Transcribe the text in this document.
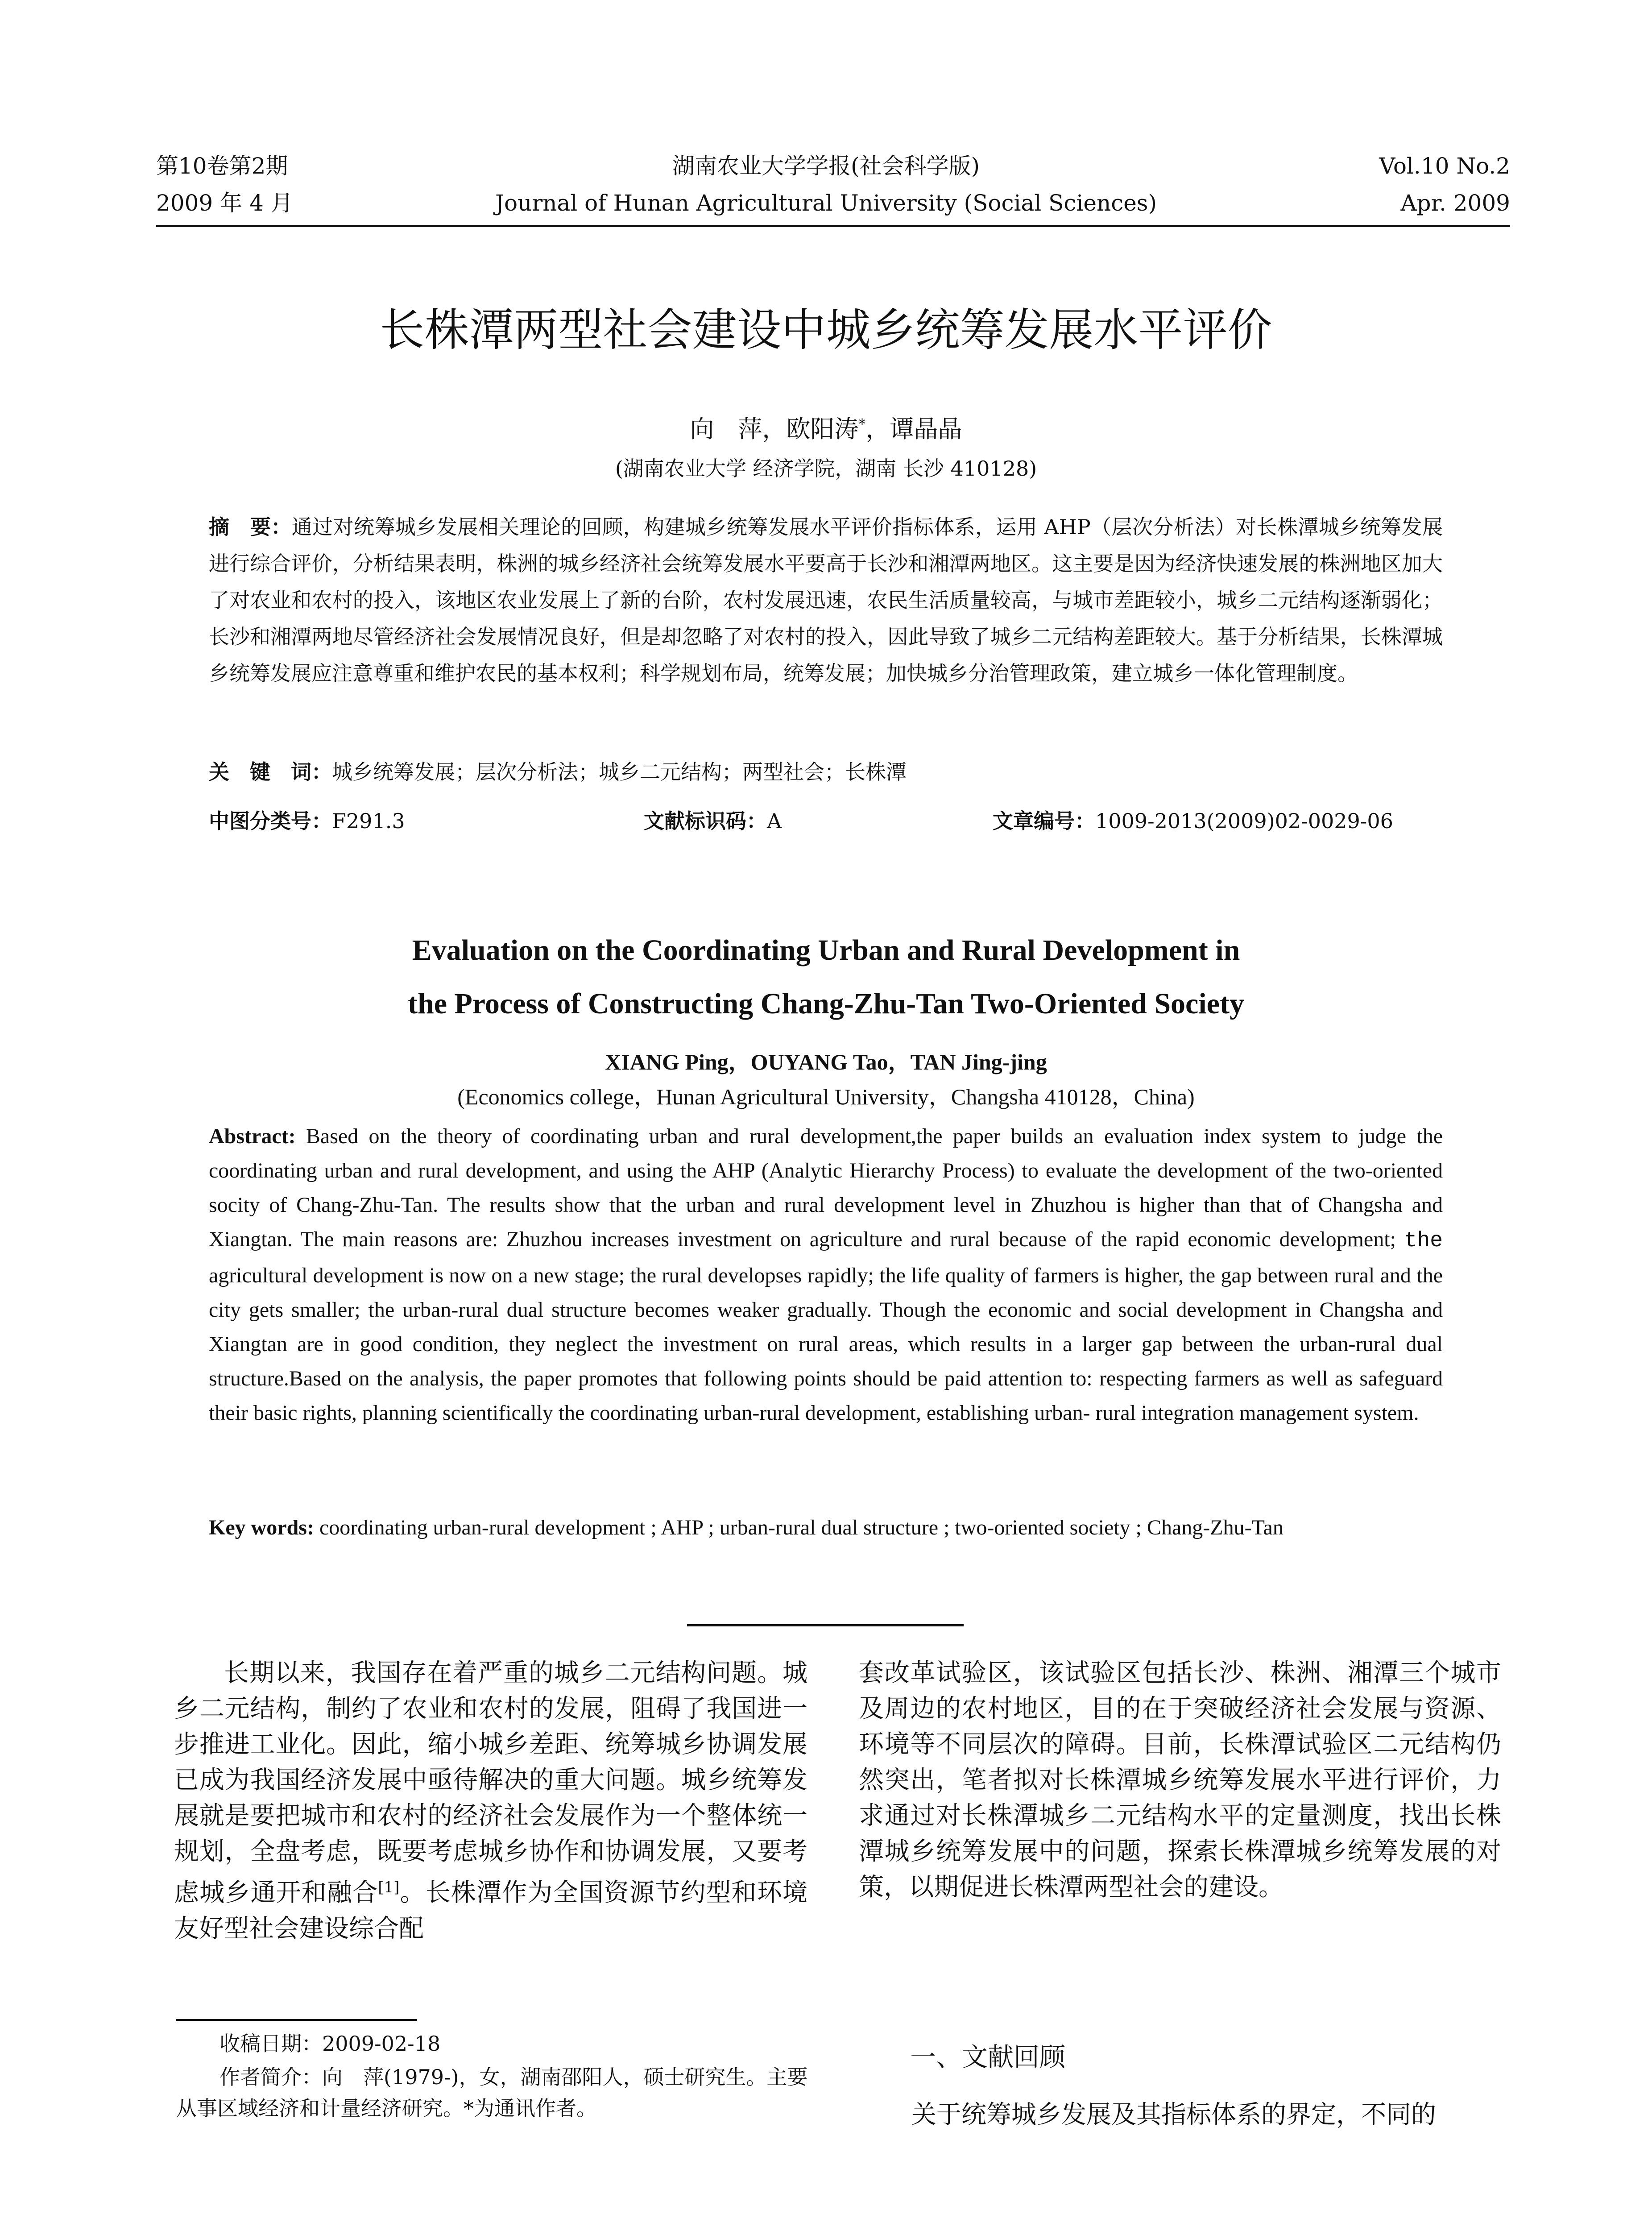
第10卷第2期
2009 年 4 月
湖南农业大学学报(社会科学版)
Journal of Hunan Agricultural University (Social Sciences)
Vol.10 No.2
Apr. 2009
长株潭两型社会建设中城乡统筹发展水平评价
向　萍，欧阳涛*，谭晶晶
(湖南农业大学 经济学院，湖南 长沙 410128)
摘　要：通过对统筹城乡发展相关理论的回顾，构建城乡统筹发展水平评价指标体系，运用 AHP（层次分析法）对长株潭城乡统筹发展进行综合评价，分析结果表明，株洲的城乡经济社会统筹发展水平要高于长沙和湘潭两地区。这主要是因为经济快速发展的株洲地区加大了对农业和农村的投入，该地区农业发展上了新的台阶，农村发展迅速，农民生活质量较高，与城市差距较小，城乡二元结构逐渐弱化；长沙和湘潭两地尽管经济社会发展情况良好，但是却忽略了对农村的投入，因此导致了城乡二元结构差距较大。基于分析结果，长株潭城乡统筹发展应注意尊重和维护农民的基本权利；科学规划布局，统筹发展；加快城乡分治管理政策，建立城乡一体化管理制度。
关　键　词：城乡统筹发展；层次分析法；城乡二元结构；两型社会；长株潭
中图分类号：F291.3	文献标识码：A	文章编号：1009-2013(2009)02-0029-06
Evaluation on the Coordinating Urban and Rural Development in
the Process of Constructing Chang-Zhu-Tan Two-Oriented Society
XIANG Ping，OUYANG Tao，TAN Jing-jing
(Economics college，Hunan Agricultural University，Changsha 410128，China)
Abstract: Based on the theory of coordinating urban and rural development,the paper builds an evaluation index system to judge the coordinating urban and rural development, and using the AHP (Analytic Hierarchy Process) to evaluate the development of the two-oriented socity of Chang-Zhu-Tan. The results show that the urban and rural development level in Zhuzhou is higher than that of Changsha and Xiangtan. The main reasons are: Zhuzhou increases investment on agriculture and rural because of the rapid economic development; the agricultural development is now on a new stage; the rural developses rapidly; the life quality of farmers is higher, the gap between rural and the city gets smaller; the urban-rural dual structure becomes weaker gradually. Though the economic and social development in Changsha and Xiangtan are in good condition, they neglect the investment on rural areas, which results in a larger gap between the urban-rural dual structure.Based on the analysis, the paper promotes that following points should be paid attention to: respecting farmers as well as safeguard their basic rights, planning scientifically the coordinating urban-rural development, establishing urban- rural integration management system.
Key words: coordinating urban-rural development ; AHP ; urban-rural dual structure ; two-oriented society ; Chang-Zhu-Tan
长期以来，我国存在着严重的城乡二元结构问题。城乡二元结构，制约了农业和农村的发展，阻碍了我国进一步推进工业化。因此，缩小城乡差距、统筹城乡协调发展已成为我国经济发展中亟待解决的重大问题。城乡统筹发展就是要把城市和农村的经济社会发展作为一个整体统一规划，全盘考虑，既要考虑城乡协作和协调发展，又要考虑城乡通开和融合[1]。长株潭作为全国资源节约型和环境友好型社会建设综合配
套改革试验区，该试验区包括长沙、株洲、湘潭三个城市及周边的农村地区，目的在于突破经济社会发展与资源、环境等不同层次的障碍。目前，长株潭试验区二元结构仍然突出，笔者拟对长株潭城乡统筹发展水平进行评价，力求通过对长株潭城乡二元结构水平的定量测度，找出长株潭城乡统筹发展中的问题，探索长株潭城乡统筹发展的对策，以期促进长株潭两型社会的建设。
一、文献回顾
关于统筹城乡发展及其指标体系的界定，不同的
收稿日期：2009-02-18
作者简介：向　萍(1979-)，女，湖南邵阳人，硕士研究生。主要从事区域经济和计量经济研究。*为通讯作者。
